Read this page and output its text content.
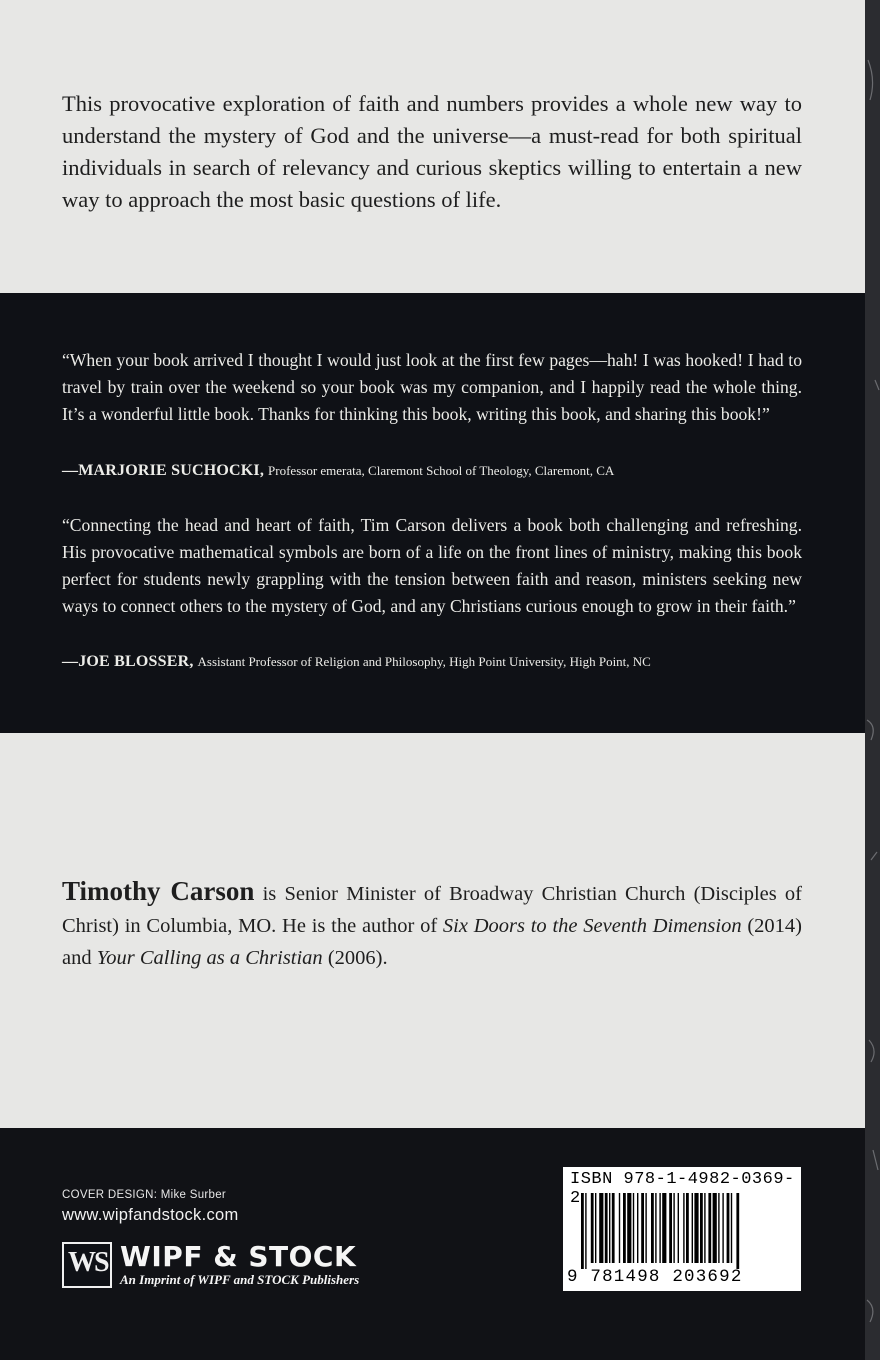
This provocative exploration of faith and numbers provides a whole new way to understand the mystery of God and the universe—a must-read for both spiritual individuals in search of relevancy and curious skeptics willing to entertain a new way to approach the most basic questions of life.

“When your book arrived I thought I would just look at the first few pages—hah! I was hooked! I had to travel by train over the weekend so your book was my companion, and I happily read the whole thing. It’s a wonderful little book. Thanks for thinking this book, writing this book, and sharing this book!”

—MARJORIE SUCHOCKI, Professor emerata, Claremont School of Theology, Claremont, CA

“Connecting the head and heart of faith, Tim Carson delivers a book both challenging and refreshing. His provocative mathematical symbols are born of a life on the front lines of ministry, making this book perfect for students newly grappling with the tension between faith and reason, ministers seeking new ways to connect others to the mystery of God, and any Christians curious enough to grow in their faith.”

—JOE BLOSSER, Assistant Professor of Religion and Philosophy, High Point University, High Point, NC

Timothy Carson is Senior Minister of Broadway Christian Church (Disciples of Christ) in Columbia, MO. He is the author of Six Doors to the Seventh Dimension (2014) and Your Calling as a Christian (2006).

COVER DESIGN: Mike Surber

www.wipfandstock.com

WS WIPF & STOCK

An Imprint of WIPF and STOCK Publishers

ISBN 978-1-4982-0369-2

9 781498 203692
